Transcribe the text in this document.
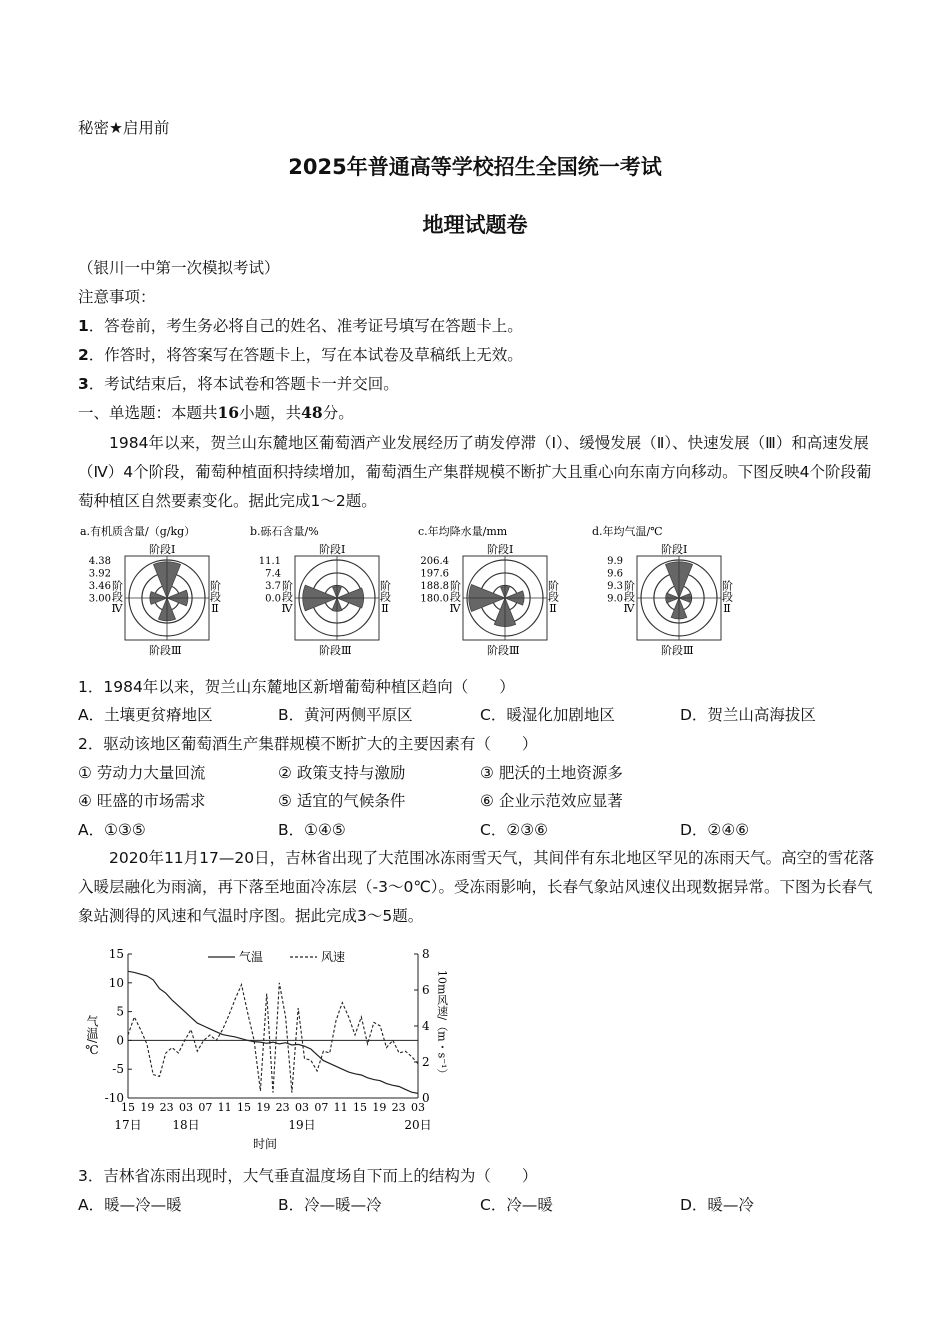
秘密★启用前
2025年普通高等学校招生全国统一考试
地理试题卷
（银川一中第一次模拟考试）
注意事项：
1．答卷前，考生务必将自己的姓名、准考证号填写在答题卡上。
2．作答时，将答案写在答题卡上，写在本试卷及草稿纸上无效。
3．考试结束后，将本试卷和答题卡一并交回。
一、单选题：本题共16小题，共48分。
1984年以来，贺兰山东麓地区葡萄酒产业发展经历了萌发停滞（Ⅰ）、缓慢发展（Ⅱ）、快速发展（Ⅲ）和高速发展（Ⅳ）4个阶段，葡萄种植面积持续增加，葡萄酒生产集群规模不断扩大且重心向东南方向移动。下图反映4个阶段葡萄种植区自然要素变化。据此完成1～2题。
a.有机质含量/（g/kg）
阶段Ⅰ
阶段Ⅲ
阶段Ⅱ
阶段Ⅳ
4.38
3.92
3.46
3.00
b.砾石含量/%
阶段Ⅰ
阶段Ⅲ
阶段Ⅱ
阶段Ⅳ
11.1
7.4
3.7
0.0
c.年均降水量/mm
阶段Ⅰ
阶段Ⅲ
阶段Ⅱ
阶段Ⅳ
206.4
197.6
188.8
180.0
d.年均气温/℃
阶段Ⅰ
阶段Ⅲ
阶段Ⅱ
阶段Ⅳ
9.9
9.6
9.3
9.0
1．1984年以来，贺兰山东麓地区新增葡萄种植区趋向（　　）
A．土壤更贫瘠地区	B．黄河两侧平原区	C．暖湿化加剧地区	D．贺兰山高海拔区
2．驱动该地区葡萄酒生产集群规模不断扩大的主要因素有（　　）
① 劳动力大量回流	② 政策支持与激励	③ 肥沃的土地资源多
④ 旺盛的市场需求	⑤ 适宜的气候条件	⑥ 企业示范效应显著
A．①③⑤	B．①④⑤	C．②③⑥	D．②④⑥
2020年11月17—20日，吉林省出现了大范围冰冻雨雪天气，其间伴有东北地区罕见的冻雨天气。高空的雪花落入暖层融化为雨滴，再下落至地面冷冻层（-3～0℃）。受冻雨影响，长春气象站风速仪出现数据异常。下图为长春气象站测得的风速和气温时序图。据此完成3～5题。
15
10
5
0
-5
-10
8
6
4
2
0
15 19 23 03 07 11 15 19 23 03 07 11 15 19 23 03
17日	18日	19日	20日
时间
气温/℃	10m风速/（m・s⁻¹）
气温	风速
3．吉林省冻雨出现时，大气垂直温度场自下而上的结构为（　　）
A．暖—冷—暖	B．冷—暖—冷	C．冷—暖	D．暖—冷
